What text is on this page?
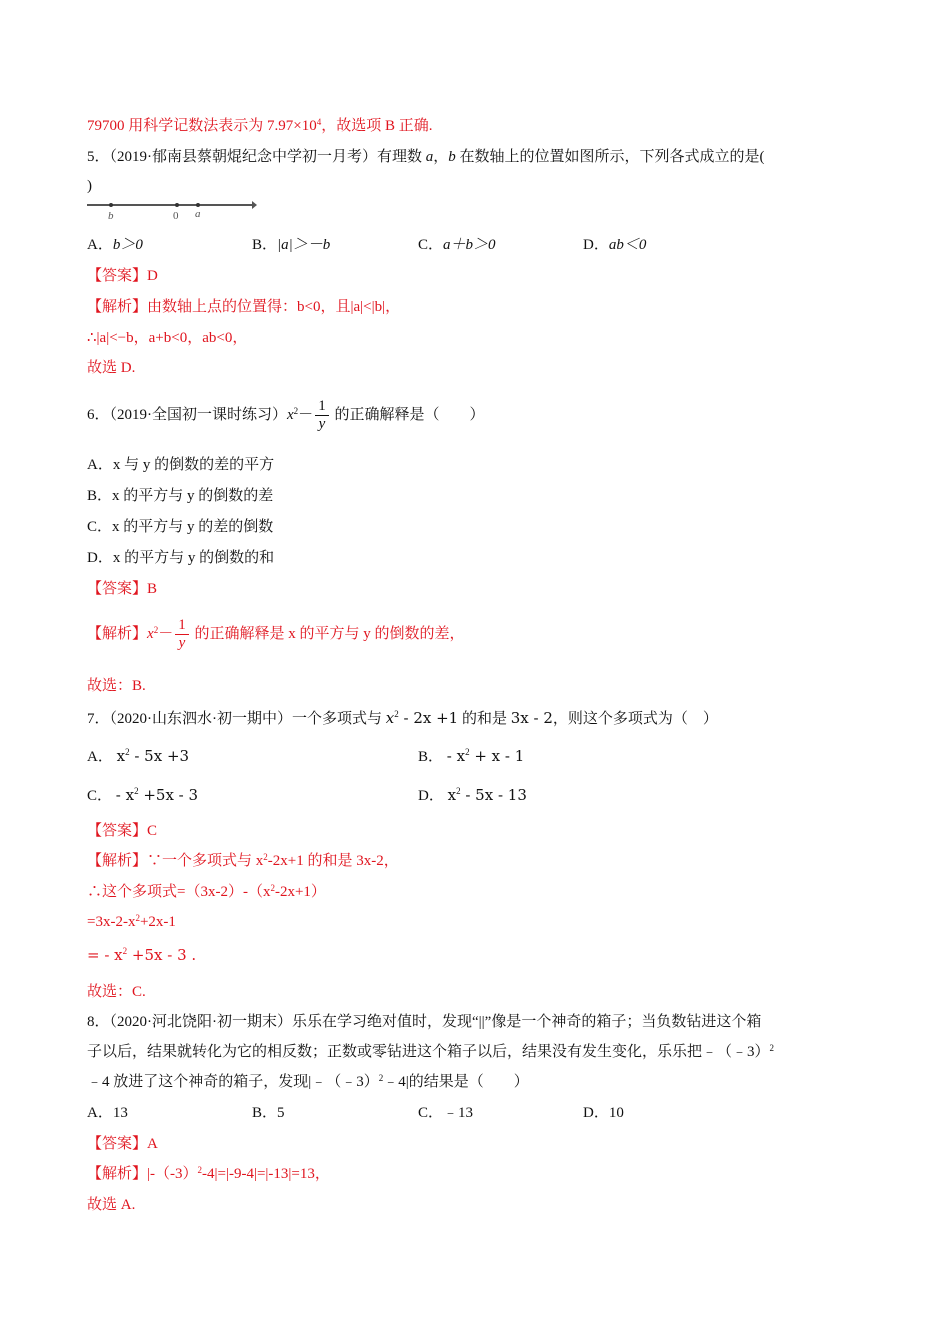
79700 用科学记数法表示为 $7.97\times 10^4$，故选项 B 正确.
5．（2019·郁南县蔡朝焜纪念中学初一月考）有理数 a，b 在数轴上的位置如图所示，下列各式成立的是(
)
b	0 a
A．b＞0	B．|a|＞－b	C．a＋b＞0	D．ab＜0
【答案】D
【解析】由数轴上点的位置得：b<0，且|a|<|b|，
∴|a|<−b，a+b<0，ab<0，
故选 D.
6．（2019·全国初一课时练习）$x^2- \frac{1}{y}$ 的正确解释是（　　）
A．x 与 y 的倒数的差的平方
B．x 的平方与 y 的倒数的差
C．x 的平方与 y 的差的倒数
D．x 的平方与 y 的倒数的和
【答案】B
【解析】$x^2- \frac{1}{y}$ 的正确解释是 x 的平方与 y 的倒数的差，
故选：B.
7．（2020·山东泗水·初一期中）一个多项式与 $x^2 - 2x +1$ 的和是 3x - 2，则这个多项式为（　）
A． $x^2 - 5x +3$	B． - $x^2 + x - 1$
C． - $x^2 +5x - 3$	D． $x^2 - 5x - 13$
【答案】C
【解析】∵一个多项式与 $x^2-2x+1$ 的和是 3x-2，
∴这个多项式$=(3x-2)-(x^2-2x+1)$
$=3x-2-x^2+2x-1$
= - $x^2 +5x - 3$ .
故选：C.
8．（2020·河北饶阳·初一期末）乐乐在学习绝对值时，发现“||”像是一个神奇的箱子；当负数钻进这个箱
子以后，结果就转化为它的相反数；正数或零钻进这个箱子以后，结果没有发生变化，乐乐把﹣（﹣3）$^2$
﹣4 放进了这个神奇的箱子，发现|﹣（﹣3）$^2$﹣4|的结果是（　　）
A．13	B．5	C．﹣13	D．10
【答案】A
【解析】$|-(-3)^2-4|=|-9-4|=|-13|=13$，
故选 A.
